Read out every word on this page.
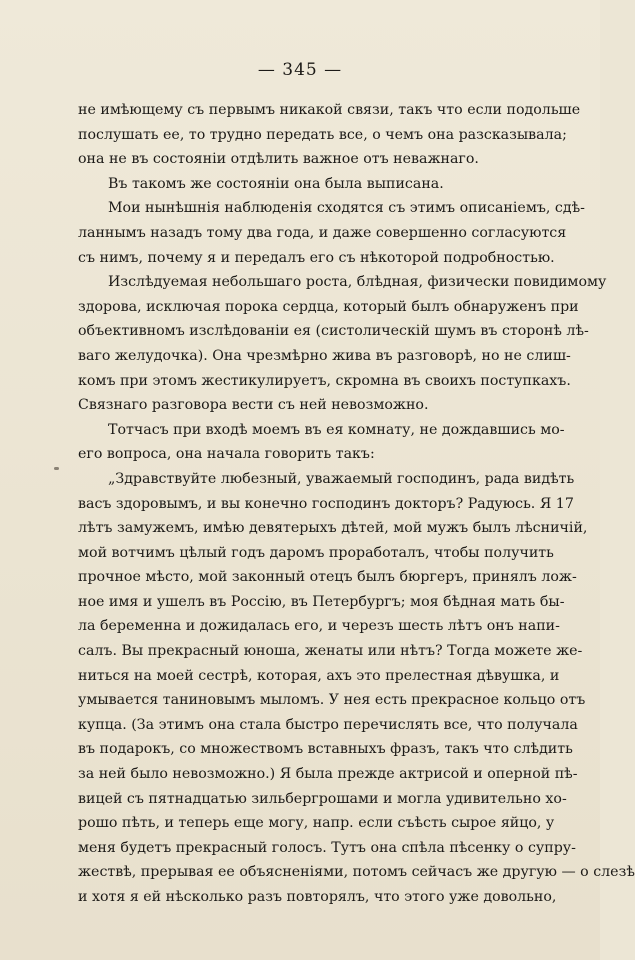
— 345 —
не имѣющему съ первымъ никакой связи, такъ что если подольше
послушать ее, то трудно передать все, о чемъ она разсказывала;
она не въ состояніи отдѣлить важное отъ неважнаго.
Въ такомъ же состояніи она была выписана.
Мои нынѣшнія наблюденія сходятся съ этимъ описаніемъ, сдѣ-
ланнымъ назадъ тому два года, и даже совершенно согласуются
съ нимъ, почему я и передалъ его съ нѣкоторой подробностью.
Изслѣдуемая небольшаго роста, блѣдная, физически повидимому
здорова, исключая порока сердца, который былъ обнаруженъ при
объективномъ изслѣдованіи ея (систолическій шумъ въ сторонѣ лѣ-
ваго желудочка). Она чрезмѣрно жива въ разговорѣ, но не слиш-
комъ при этомъ жестикулируетъ, скромна въ своихъ поступкахъ.
Связнаго разговора вести съ ней невозможно.
Тотчасъ при входѣ моемъ въ ея комнату, не дождавшись мо-
его вопроса, она начала говорить такъ:
„Здравствуйте любезный, уважаемый господинъ, рада видѣть
васъ здоровымъ, и вы конечно господинъ докторъ? Радуюсь. Я 17
лѣтъ замужемъ, имѣю девятерыхъ дѣтей, мой мужъ былъ лѣсничій,
мой вотчимъ цѣлый годъ даромъ проработалъ, чтобы получить
прочное мѣсто, мой законный отецъ былъ бюргеръ, принялъ лож-
ное имя и ушелъ въ Россію, въ Петербургъ; моя бѣдная мать бы-
ла беременна и дожидалась его, и черезъ шесть лѣтъ онъ напи-
салъ. Вы прекрасный юноша, женаты или нѣтъ? Тогда можете же-
ниться на моей сестрѣ, которая, ахъ это прелестная дѣвушка, и
умывается таниновымъ мыломъ. У нея есть прекрасное кольцо отъ
купца. (За этимъ она стала быстро перечислять все, что получала
въ подарокъ, со множествомъ вставныхъ фразъ, такъ что слѣдить
за ней было невозможно.) Я была прежде актрисой и оперной пѣ-
вицей съ пятнадцатью зильбергрошами и могла удивительно хо-
рошо пѣть, и теперь еще могу, напр. если съѣсть сырое яйцо, у
меня будетъ прекрасный голосъ. Тутъ она спѣла пѣсенку о супру-
жествѣ, прерывая ее объясненіями, потомъ сейчасъ же другую — о слезѣ
и хотя я ей нѣсколько разъ повторялъ, что этого уже довольно,
